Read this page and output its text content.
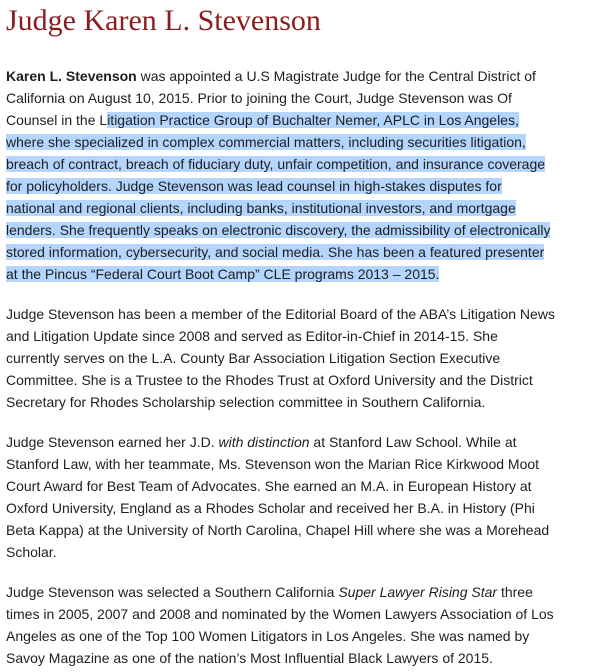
Judge Karen L. Stevenson

Karen L. Stevenson was appointed a U.S Magistrate Judge for the Central District of
California on August 10, 2015. Prior to joining the Court, Judge Stevenson was Of
Counsel in the Litigation Practice Group of Buchalter Nemer, APLC in Los Angeles,
where she specialized in complex commercial matters, including securities litigation,
breach of contract, breach of fiduciary duty, unfair competition, and insurance coverage
for policyholders. Judge Stevenson was lead counsel in high-stakes disputes for
national and regional clients, including banks, institutional investors, and mortgage
lenders. She frequently speaks on electronic discovery, the admissibility of electronically
stored information, cybersecurity, and social media. She has been a featured presenter
at the Pincus “Federal Court Boot Camp” CLE programs 2013 – 2015.

Judge Stevenson has been a member of the Editorial Board of the ABA’s Litigation News
and Litigation Update since 2008 and served as Editor-in-Chief in 2014-15. She
currently serves on the L.A. County Bar Association Litigation Section Executive
Committee. She is a Trustee to the Rhodes Trust at Oxford University and the District
Secretary for Rhodes Scholarship selection committee in Southern California.

Judge Stevenson earned her J.D. with distinction at Stanford Law School. While at
Stanford Law, with her teammate, Ms. Stevenson won the Marian Rice Kirkwood Moot
Court Award for Best Team of Advocates. She earned an M.A. in European History at
Oxford University, England as a Rhodes Scholar and received her B.A. in History (Phi
Beta Kappa) at the University of North Carolina, Chapel Hill where she was a Morehead
Scholar.

Judge Stevenson was selected a Southern California Super Lawyer Rising Star three
times in 2005, 2007 and 2008 and nominated by the Women Lawyers Association of Los
Angeles as one of the Top 100 Women Litigators in Los Angeles. She was named by
Savoy Magazine as one of the nation’s Most Influential Black Lawyers of 2015.
